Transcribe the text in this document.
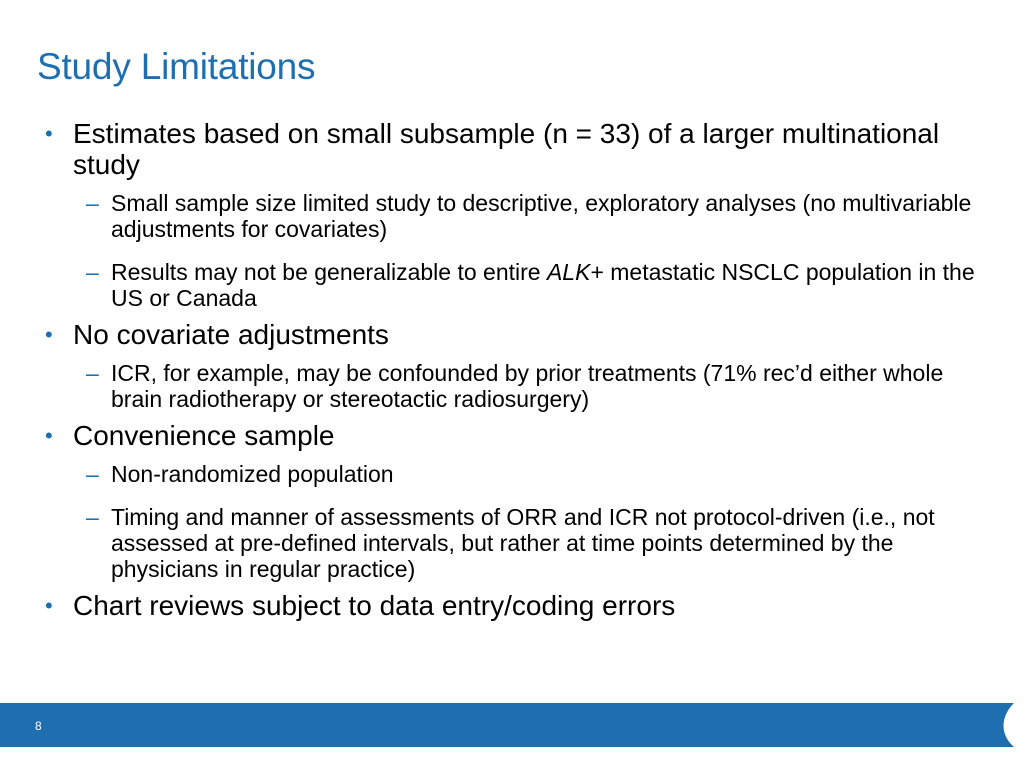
Study Limitations
• Estimates based on small subsample (n = 33) of a larger multinational study
– Small sample size limited study to descriptive, exploratory analyses (no multivariable adjustments for covariates)
– Results may not be generalizable to entire ALK+ metastatic NSCLC population in the US or Canada
• No covariate adjustments
– ICR, for example, may be confounded by prior treatments (71% rec’d either whole brain radiotherapy or stereotactic radiosurgery)
• Convenience sample
– Non-randomized population
– Timing and manner of assessments of ORR and ICR not protocol-driven (i.e., not assessed at pre-defined intervals, but rather at time points determined by the physicians in regular practice)
• Chart reviews subject to data entry/coding errors
8
